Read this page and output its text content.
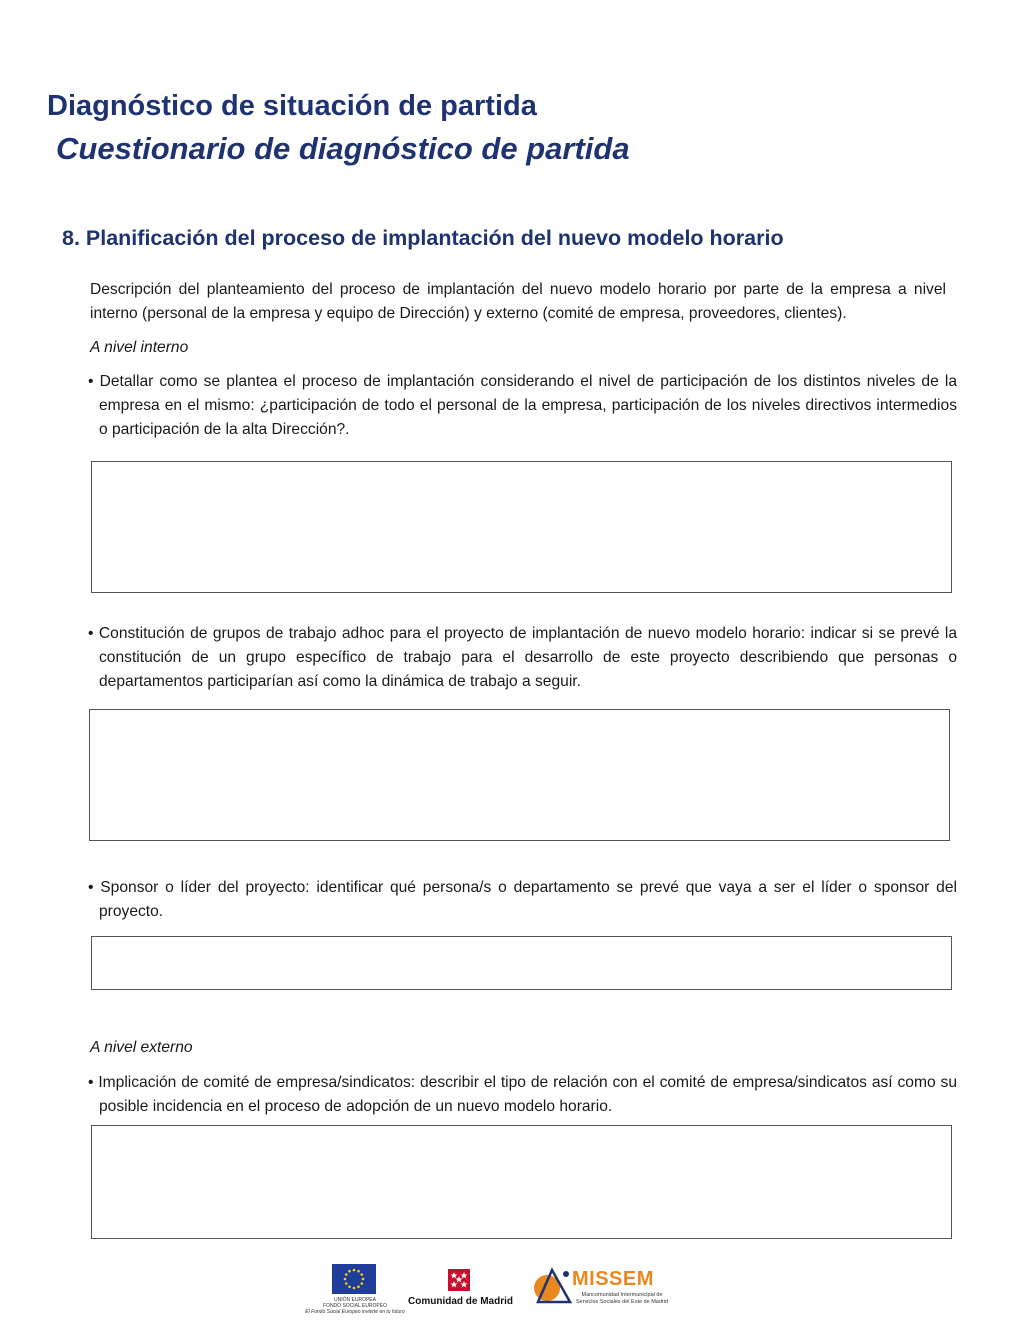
Diagnóstico de situación de partida
Cuestionario de diagnóstico de partida
8. Planificación del proceso de implantación del nuevo modelo horario

Descripción del planteamiento del proceso de implantación del nuevo modelo horario por parte de la empresa a nivel interno (personal de la empresa y equipo de Dirección) y externo (comité de empresa, proveedores, clientes).

A nivel interno

• Detallar como se plantea el proceso de implantación considerando el nivel de participación de los distintos niveles de la empresa en el mismo: ¿participación de todo el personal de la empresa, participación de los niveles directivos intermedios o participación de la alta Dirección?.

• Constitución de grupos de trabajo adhoc para el proyecto de implantación de nuevo modelo horario: indicar si se prevé la constitución de un grupo específico de trabajo para el desarrollo de este proyecto describiendo que personas o departamentos participarían así como la dinámica de trabajo a seguir.

• Sponsor o líder del proyecto: identificar qué persona/s o departamento se prevé que vaya a ser el líder o sponsor del proyecto.

A nivel externo

• Implicación de comité de empresa/sindicatos: describir el tipo de relación con el comité de empresa/sindicatos así como su posible incidencia en el proceso de adopción de un nuevo modelo horario.

UNIÓN EUROPEA
FONDO SOCIAL EUROPEO
El Fondo Social Europeo invierte en tu futuro
Comunidad de Madrid
MISSEM
Mancomunidad Intermunicipal de Servicios Sociales del Este de Madrid
